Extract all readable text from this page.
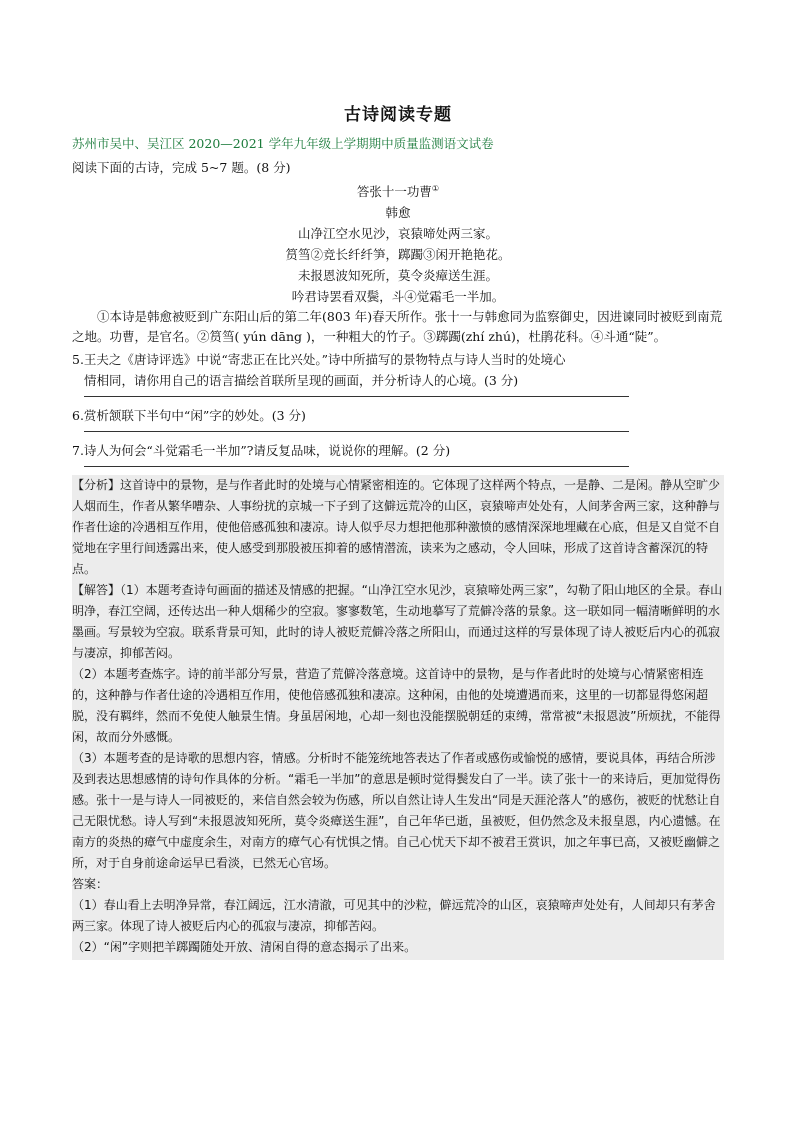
古诗阅读专题

苏州市吴中、吴江区 2020—2021 学年九年级上学期期中质量监测语文试卷

阅读下面的古诗，完成 5~7 题。(8 分)

答张十一功曹①

韩愈

山净江空水见沙，哀猿啼处两三家。

筼筜②竞长纤纤笋，踯躅③闲开艳艳花。

未报恩波知死所，莫令炎瘴送生涯。

吟君诗罢看双鬓，斗④觉霜毛一半加。

①本诗是韩愈被贬到广东阳山后的第二年(803 年)春天所作。张十一与韩愈同为监察御史，因进谏同时被贬到南荒之地。功曹，是官名。②筼筜( yún dāng )，一种粗大的竹子。③踯躅(zhí zhú)，杜鹃花科。④斗通“陡”。

5.王夫之《唐诗评选》中说“寄悲正在比兴处。”诗中所描写的景物特点与诗人当时的处境心

情相同，请你用自己的语言描绘首联所呈现的画面，并分析诗人的心境。(3 分)

6.赏析颔联下半句中“闲”字的妙处。(3 分)

7.诗人为何会“斗觉霜毛一半加”?请反复品味，说说你的理解。(2 分)

【分析】这首诗中的景物，是与作者此时的处境与心情紧密相连的。它体现了这样两个特点，一是静、二是闲。静从空旷少人烟而生，作者从繁华嘈杂、人事纷扰的京城一下子到了这僻远荒冷的山区，哀猿啼声处处有，人间茅舍两三家，这种静与作者仕途的冷遇相互作用，使他倍感孤独和凄凉。诗人似乎尽力想把他那种激愤的感情深深地埋藏在心底，但是又自觉不自觉地在字里行间透露出来，使人感受到那股被压抑着的感情潜流，读来为之感动，令人回味，形成了这首诗含蓄深沉的特点。

【解答】（1）本题考查诗句画面的描述及情感的把握。“山净江空水见沙，哀猿啼处两三家”，勾勒了阳山地区的全景。春山明净，春江空阔，还传达出一种人烟稀少的空寂。寥寥数笔，生动地摹写了荒僻冷落的景象。这一联如同一幅清晰鲜明的水墨画。写景较为空寂。联系背景可知，此时的诗人被贬荒僻冷落之所阳山，而通过这样的写景体现了诗人被贬后内心的孤寂与凄凉，抑郁苦闷。

（2）本题考查炼字。诗的前半部分写景，营造了荒僻冷落意境。这首诗中的景物，是与作者此时的处境与心情紧密相连的，这种静与作者仕途的冷遇相互作用，使他倍感孤独和凄凉。这种闲，由他的处境遭遇而来，这里的一切都显得悠闲超脱，没有羁绊，然而不免使人触景生情。身虽居闲地，心却一刻也没能摆脱朝廷的束缚，常常被“未报恩波”所烦扰，不能得闲，故而分外感慨。

（3）本题考查的是诗歌的思想内容，情感。分析时不能笼统地答表达了作者或感伤或愉悦的感情，要说具体，再结合所涉及到表达思想感情的诗句作具体的分析。“霜毛一半加”的意思是顿时觉得鬓发白了一半。读了张十一的来诗后，更加觉得伤感。张十一是与诗人一同被贬的，来信自然会较为伤感，所以自然让诗人生发出“同是天涯沦落人”的感伤，被贬的忧愁让自己无限忧愁。诗人写到“未报恩波知死所，莫令炎瘴送生涯”，自己年华已逝，虽被贬，但仍然念及未报皇恩，内心遗憾。在南方的炎热的瘴气中虚度余生，对南方的瘴气心有忧惧之情。自己心忧天下却不被君王赏识，加之年事已高，又被贬幽僻之所，对于自身前途命运早已看淡，已然无心官场。

答案：

（1）春山看上去明净异常，春江阔远，江水清澈，可见其中的沙粒，僻远荒冷的山区，哀猿啼声处处有，人间却只有茅舍两三家。体现了诗人被贬后内心的孤寂与凄凉，抑郁苦闷。

（2）“闲”字则把羊踯躅随处开放、清闲自得的意态揭示了出来。
